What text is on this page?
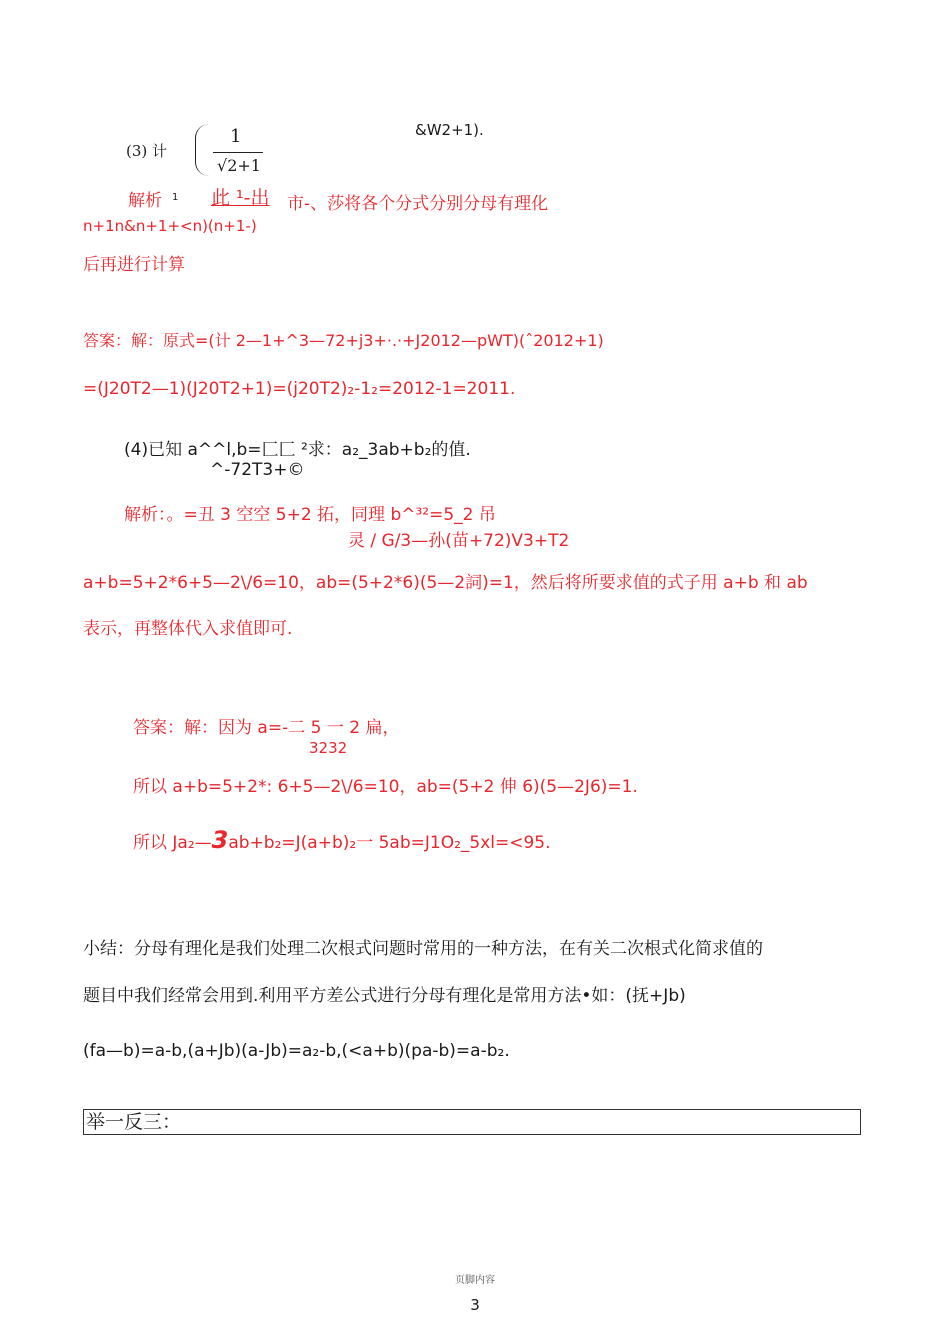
(3) 计
1
√2+1
&W2+1).
解析 1 此 ¹-出 市-、莎将各个分式分别分母有理化
n+1n&n+1+<n)(n+1-)
后再进行计算
答案：解：原式=(计 2—1+^3—72+j3+·.·+J2012—pWT)(ˆ2012+1)
=(J20T2—1)(J20T2+1)=(j20T2)₂-1₂=2012-1=2011.
(4)已知 a^^l,b=匚匚 ²求：a₂_3ab+b₂的值.
^-72T3+©
解析：。=丑 3 空空 5+2 拓，同理 b^³²=5_2 吊
灵 / G/3—孙(苗+72)V3+T2
a+b=5+2*6+5—2\/6=10，ab=(5+2*6)(5—2詞)=1，然后将所要求值的式子用 a+b 和 ab
表示，再整体代入求值即可.
答案：解：因为 a=-二 5 一 2 扁，
3232
所以 a+b=5+2*: 6+5—2\/6=10，ab=(5+2 伸 6)(5—2J6)=1.
所以 Ja₂—3ab+b₂=J(a+b)₂一 5ab=J1O₂_5xl=<95.
小结：分母有理化是我们处理二次根式问题时常用的一种方法，在有关二次根式化简求值的
题目中我们经常会用到.利用平方差公式进行分母有理化是常用方法•如：(抚+Jb)
(fa—b)=a-b,(a+Jb)(a-Jb)=a₂-b,(<a+b)(pa-b)=a-b₂.
举一反三：
页脚内容
3
